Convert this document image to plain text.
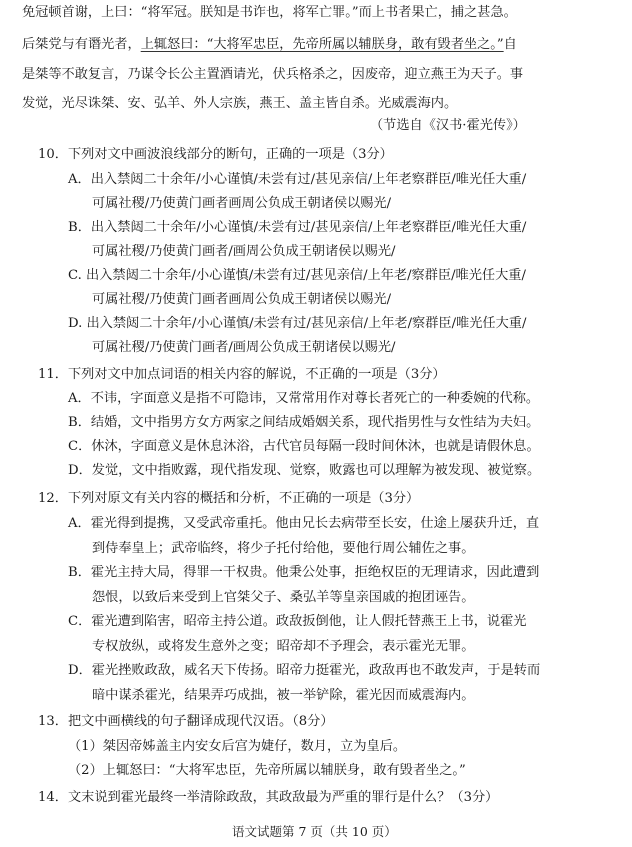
免冠顿首谢，上曰：“将军冠。朕知是书诈也，将军亡罪。”而上书者果亡，捕之甚急。
后桀党与有谮光者，上辄怒曰：“大将军忠臣，先帝所属以辅朕身，敢有毁者坐之。”自
是桀等不敢复言，乃谋令长公主置酒请光，伏兵格杀之，因废帝，迎立燕王为天子。事
发觉，光尽诛桀、安、弘羊、外人宗族，燕王、盖主皆自杀。光威震海内。
（节选自《汉书·霍光传》）
10．下列对文中画波浪线部分的断句，正确的一项是（3分）
A．出入禁闼二十余年/小心谨慎/未尝有过/甚见亲信/上年老察群臣/唯光任大重/
可属社稷/乃使黄门画者画周公负成王朝诸侯以赐光/
B．出入禁闼二十余年/小心谨慎/未尝有过/甚见亲信/上年老察群臣/唯光任大重/
可属社稷/乃使黄门画者/画周公负成王朝诸侯以赐光/
C. 出入禁闼二十余年/小心谨慎/未尝有过/甚见亲信/上年老/察群臣/唯光任大重/
可属社稷/乃使黄门画者画周公负成王朝诸侯以赐光/
D. 出入禁闼二十余年/小心谨慎/未尝有过/甚见亲信/上年老/察群臣/唯光任大重/
可属社稷/乃使黄门画者/画周公负成王朝诸侯以赐光/
11．下列对文中加点词语的相关内容的解说，不正确的一项是（3分）
A．不讳，字面意义是指不可隐讳，又常常用作对尊长者死亡的一种委婉的代称。
B．结婚，文中指男方女方两家之间结成婚姻关系，现代指男性与女性结为夫妇。
C．休沐，字面意义是休息沐浴，古代官员每隔一段时间休沐，也就是请假休息。
D．发觉，文中指败露，现代指发现、觉察，败露也可以理解为被发现、被觉察。
12．下列对原文有关内容的概括和分析，不正确的一项是（3分）
A．霍光得到提携，又受武帝重托。他由兄长去病带至长安，仕途上屡获升迁，直
到侍奉皇上；武帝临终，将少子托付给他，要他行周公辅佐之事。
B．霍光主持大局，得罪一干权贵。他秉公处事，拒绝权臣的无理请求，因此遭到
怨恨，以致后来受到上官桀父子、桑弘羊等皇亲国戚的抱团诬告。
C．霍光遭到陷害，昭帝主持公道。政敌扳倒他，让人假托替燕王上书，说霍光
专权放纵，或将发生意外之变；昭帝却不予理会，表示霍光无罪。
D．霍光挫败政敌，威名天下传扬。昭帝力挺霍光，政敌再也不敢发声，于是转而
暗中谋杀霍光，结果弄巧成拙，被一举铲除，霍光因而威震海内。
13．把文中画横线的句子翻译成现代汉语。（8分）
（1）桀因帝姊盖主内安女后宫为婕仔，数月，立为皇后。
（2）上辄怒曰：“大将军忠臣，先帝所属以辅朕身，敢有毁者坐之。”
14．文末说到霍光最终一举清除政敌，其政敌最为严重的罪行是什么？（3分）
语文试题第 7 页（共 10 页）
